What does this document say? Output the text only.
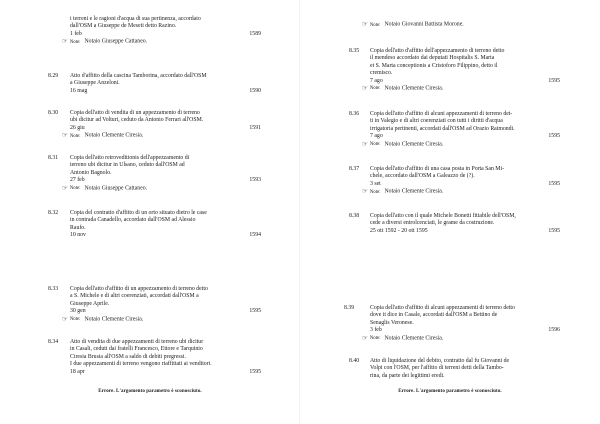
i terreni e le ragioni d'acqua di sua pertinenza, accordato
dall'OSM a Giuseppe de Meseti detto Razino.
1 feb	1589
☞ Note: Notaio Giuseppe Cattaneo.
8.29 Atto d'affitto della cascina Tamborina, accordato dall'OSM
a Giuseppe Anzeloni.
16 mag	1590
8.30 Copia dell'atto di vendita di un appezzamento di terreno
ubi dicitur ad Volturi, ceduto da Antonio Ferrari all'OSM.
26 giu	1591
☞ Note: Notaio Clemente Ciresia.
8.31 Copia dell'atto retroveditionis dell'appezzamento di
terreno ubi dicitur in Ulsano, ceduto dall'OSM ad
Antonio Bagnolo.
27 feb	1593
☞ Note: Notaio Giuseppe Cattaneo.
8.32 Copia del contratto d'affitto di un orto situato dietro le case
in contrada Canadello, accordato dall'OSM ad Alessio
Raufo.
10 nov	1594
8.33 Copia dell'atto d'affitto di un appezzamento di terreno detto
a S. Michele e di altri coerenziati, accordati dall'OSM a
Giuseppe Aprile.
30 gen	1595
☞ Note: Notaio Clemente Ciresia.
8.34 Atto di vendita di due appezzamenti di terreno ubi dicitur
in Casali, ceduti dai fratelli Francesco, Ettore e Tarquinio
Ciresia Brusia all'OSM a saldo di debiti pregressi.
I due appezzamenti di terreno vengono riaffittati ai venditori.
18 apr	1595
Errore. L'argomento parametro è sconosciuto.
☞ Note: Notaio Giovanni Battista Morone.
8.35 Copia dell'atto d'affitto dell'appezzamento di terreno detto
il mendeso accordato dai deputati Hospitalis S. Marta
et S. Marta conceptionis a Cristoforo Filippino, detto il
cremisco.
7 ago	1595
☞ Note: Notaio Clemente Ciresia.
8.36 Copia dell'atto d'affitto di alcuni appezzamenti di terreno det-
ti in Valegio e di altri coerenziati con tutti i diritti d'acqua
irrigatoria pertinenti, accordati dall'OSM ad Orazio Raimondi.
7 ago	1595
☞ Note: Notaio Clemente Ciresia.
8.37 Copia dell'atto d'affitto di una casa posta in Porta San Mi-
chele, accordato dall'OSM a Galeazzo de (?).
3 set	1595
☞ Note: Notaio Clemente Ciresia.
8.38 Copia dell'atto con il quale Michele Bonetti fittabile dell'OSM,
cede a diversi entrolcenciati, le grame da costruzione.
25 ott 1592 - 20 ott 1595	1595
8.39	Copia dell'atto d'affitto di alcuni appezzamenti di terreno detto
dove it dice in Casale, accordati dall'OSM a Bettino de
Senaglis Veronese.
3 feb	1596
☞ Note: Notaio Clemente Ciresia.
8.40 Atto di liquidazione del debito, contratto dal fu Giovanni de
Volpi con l'OSM, per l'affitto di terreni detti della Tambo-
rina, da parte dei legittimi eredi.
Errore. L'argomento parametro è sconosciuto.
